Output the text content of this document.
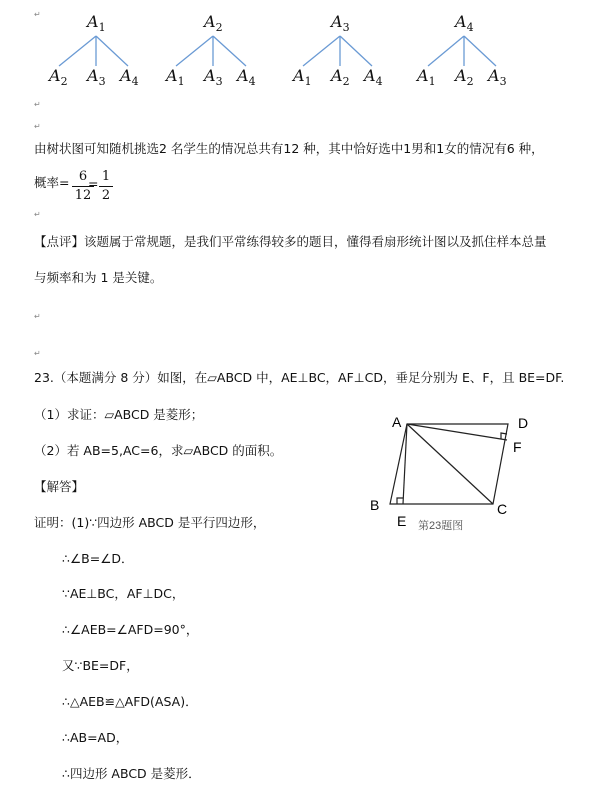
$A_1$
$A_2$ $A_3$ $A_4$
$A_2$
$A_1$ $A_3$ $A_4$
$A_3$
$A_1$ $A_2$ $A_4$
$A_4$
$A_1$ $A_2$ $A_3$
↵
↵
↵
↵
↵
↵
由树状图可知随机挑选2 名学生的情况总共有12 种，其中恰好选中1男和1女的情况有6 种，
概率= 6
12
= 1
2
【点评】该题属于常规题，是我们平常练得较多的题目，懂得看扇形统计图以及抓住样本总量
与频率和为 1 是关键。
23.（本题满分 8 分）如图，在▱ABCD 中，AE⊥BC，AF⊥CD，垂足分别为 E、F，且 BE=DF.
（1）求证：▱ABCD 是菱形；
（2）若 AB=5,AC=6，求▱ABCD 的面积。
【解答】
证明：(1)∵四边形 ABCD 是平行四边形，
∴∠B=∠D．
∵AE⊥BC，AF⊥DC，
∴∠AEB=∠AFD=90°，
又∵BE=DF，
∴△AEB≌△AFD(ASA)．
∴AB=AD，
∴四边形 ABCD 是菱形．
A	D
F
B	C
E 第23题图
